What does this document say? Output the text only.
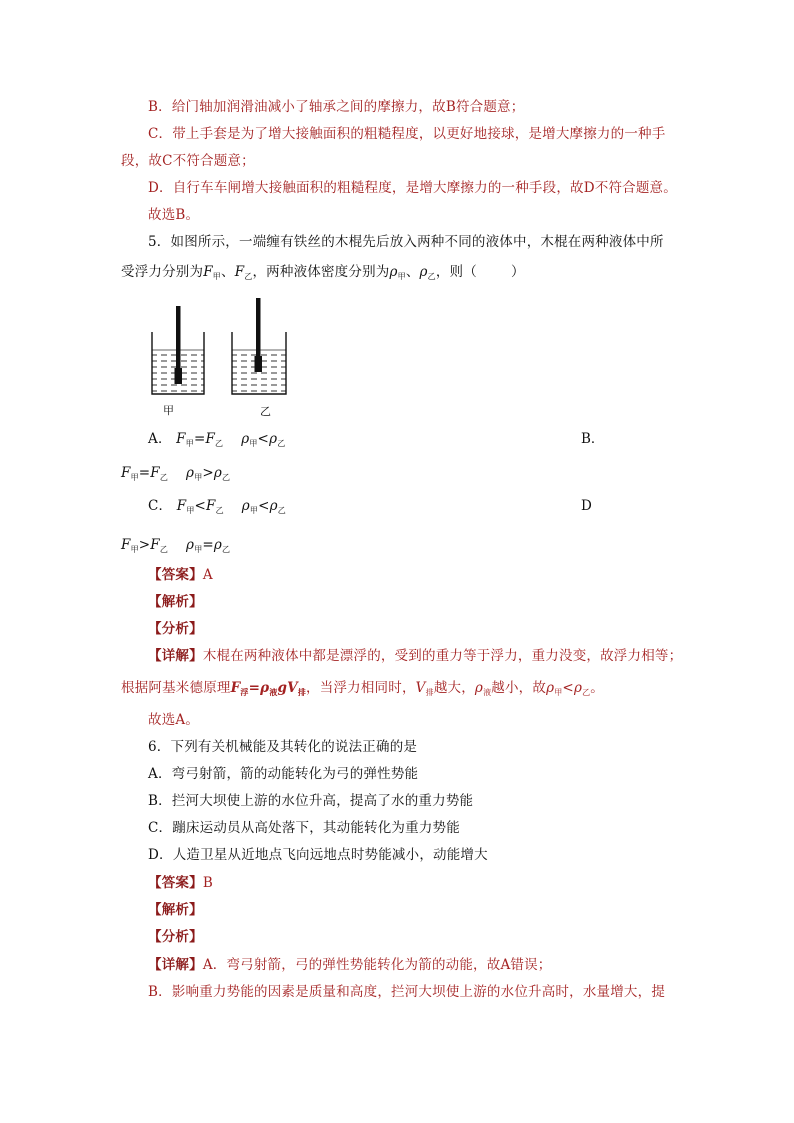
B．给门轴加润滑油减小了轴承之间的摩擦力，故B符合题意；
C．带上手套是为了增大接触面积的粗糙程度，以更好地接球，是增大摩擦力的一种手
段，故C不符合题意；
D．自行车车闸增大接触面积的粗糙程度，是增大摩擦力的一种手段，故D不符合题意。
故选B。
5．如图所示，一端缠有铁丝的木棍先后放入两种不同的液体中，木棍在两种液体中所
受浮力分别为$F_甲$、$F_乙$，两种液体密度分别为$\rho_甲$、$\rho_乙$，则（	）
甲	乙
A． $F_甲=F_乙$ $\rho_甲<\rho_乙$	B．
$F_甲=F_乙$ $\rho_甲>\rho_乙$
C． $F_甲<F_乙$ $\rho_甲<\rho_乙$	D
$F_甲>F_乙$ $\rho_甲=\rho_乙$
【答案】A
【解析】
【分析】
【详解】木棍在两种液体中都是漂浮的，受到的重力等于浮力，重力没变，故浮力相等；
根据阿基米德原理$F_浮=\rho_液gV_排$，当浮力相同时，$V_排$越大，$\rho_液$越小，故$\rho_甲<\rho_乙$。
故选A。
6．下列有关机械能及其转化的说法正确的是
A．弯弓射箭，箭的动能转化为弓的弹性势能
B．拦河大坝使上游的水位升高，提高了水的重力势能
C．蹦床运动员从高处落下，其动能转化为重力势能
D．人造卫星从近地点飞向远地点时势能减小，动能增大
【答案】B
【解析】
【分析】
【详解】A．弯弓射箭，弓的弹性势能转化为箭的动能，故A错误；
B．影响重力势能的因素是质量和高度，拦河大坝使上游的水位升高时，水量增大，提
